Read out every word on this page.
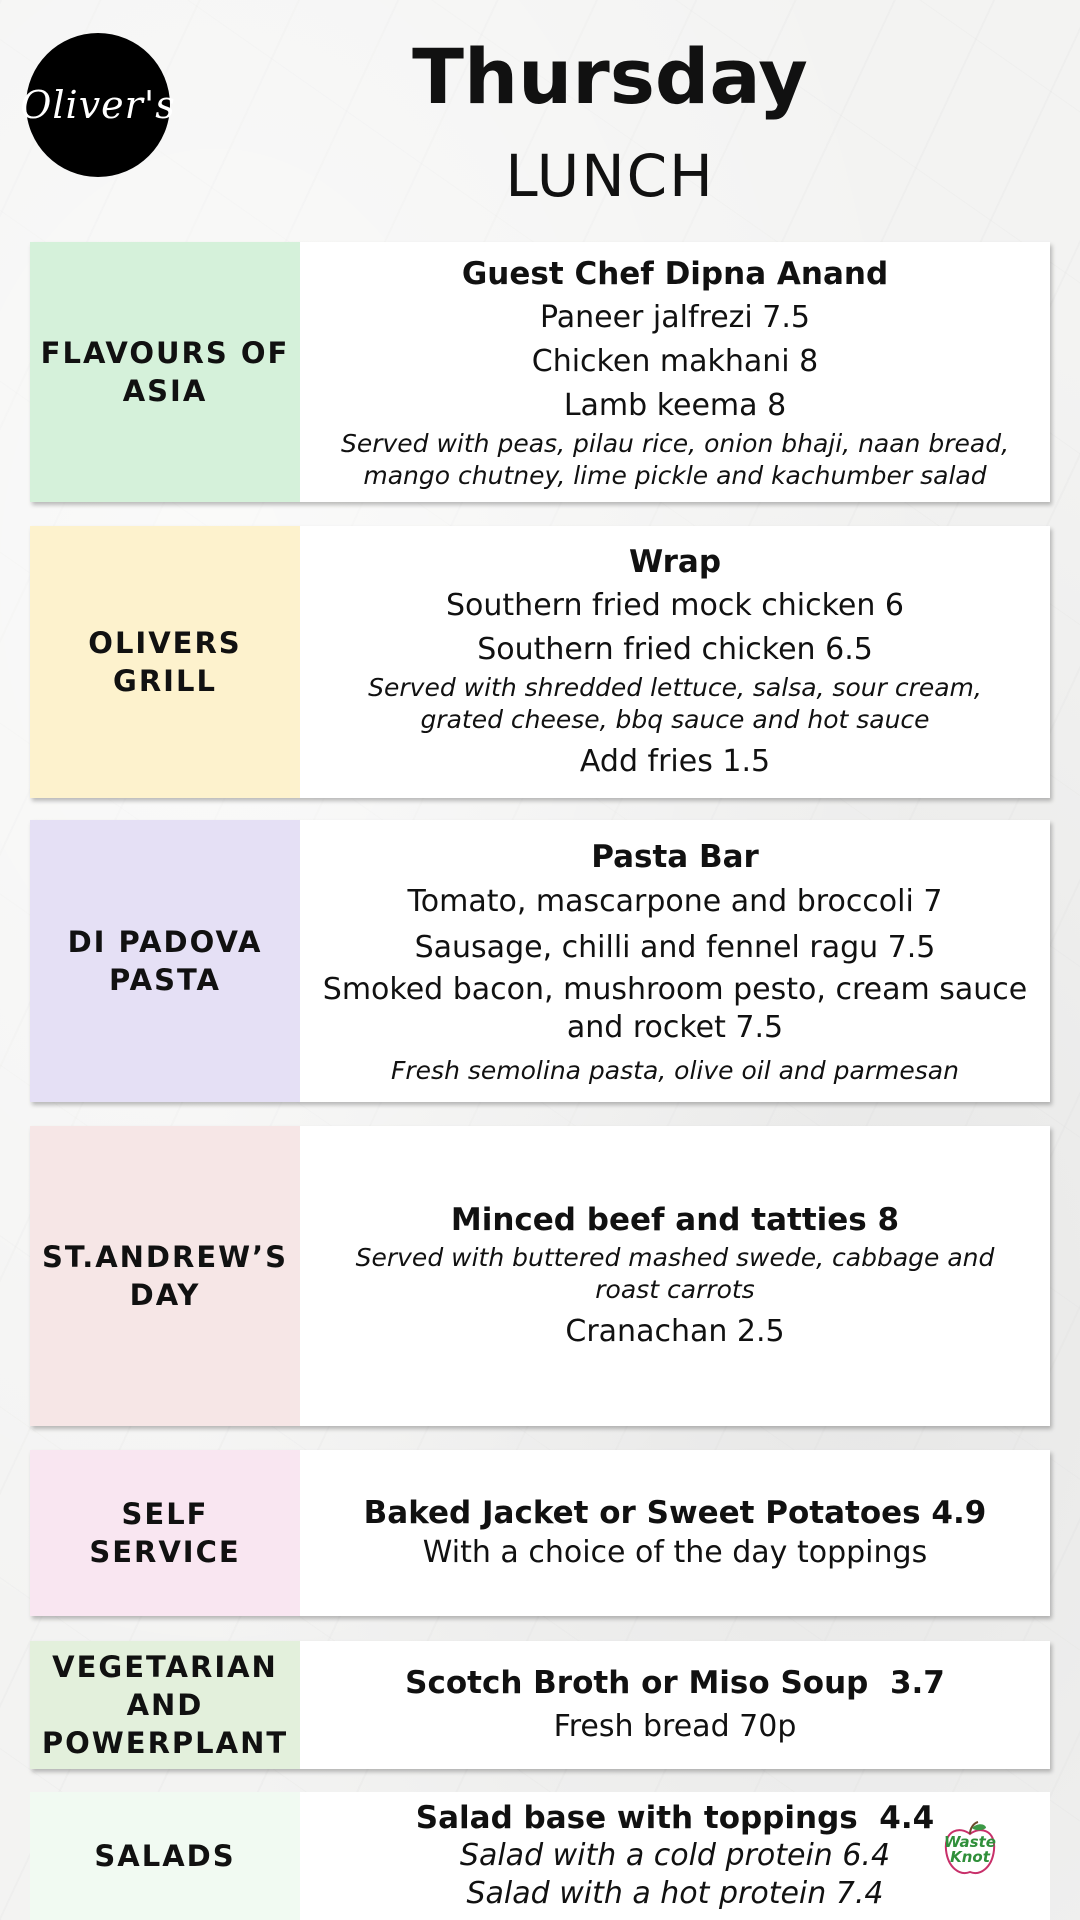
Oliver's	Thursday
LUNCH
FLAVOURS OF ASIA
Guest Chef Dipna Anand
Paneer jalfrezi 7.5
Chicken makhani 8
Lamb keema 8
Served with peas, pilau rice, onion bhaji, naan bread, mango chutney, lime pickle and kachumber salad
OLIVERS GRILL
Wrap
Southern fried mock chicken 6
Southern fried chicken 6.5
Served with shredded lettuce, salsa, sour cream, grated cheese, bbq sauce and hot sauce
Add fries 1.5
DI PADOVA PASTA
Pasta Bar
Tomato, mascarpone and broccoli 7
Sausage, chilli and fennel ragu 7.5
Smoked bacon, mushroom pesto, cream sauce and rocket 7.5
Fresh semolina pasta, olive oil and parmesan
ST.ANDREW’S DAY
Minced beef and tatties 8
Served with buttered mashed swede, cabbage and roast carrots
Cranachan 2.5
SELF SERVICE
Baked Jacket or Sweet Potatoes 4.9
With a choice of the day toppings
VEGETARIAN AND POWERPLANT
Scotch Broth or Miso Soup  3.7
Fresh bread 70p
SALADS
Salad base with toppings  4.4
Salad with a cold protein 6.4
Salad with a hot protein 7.4
Waste Knot
